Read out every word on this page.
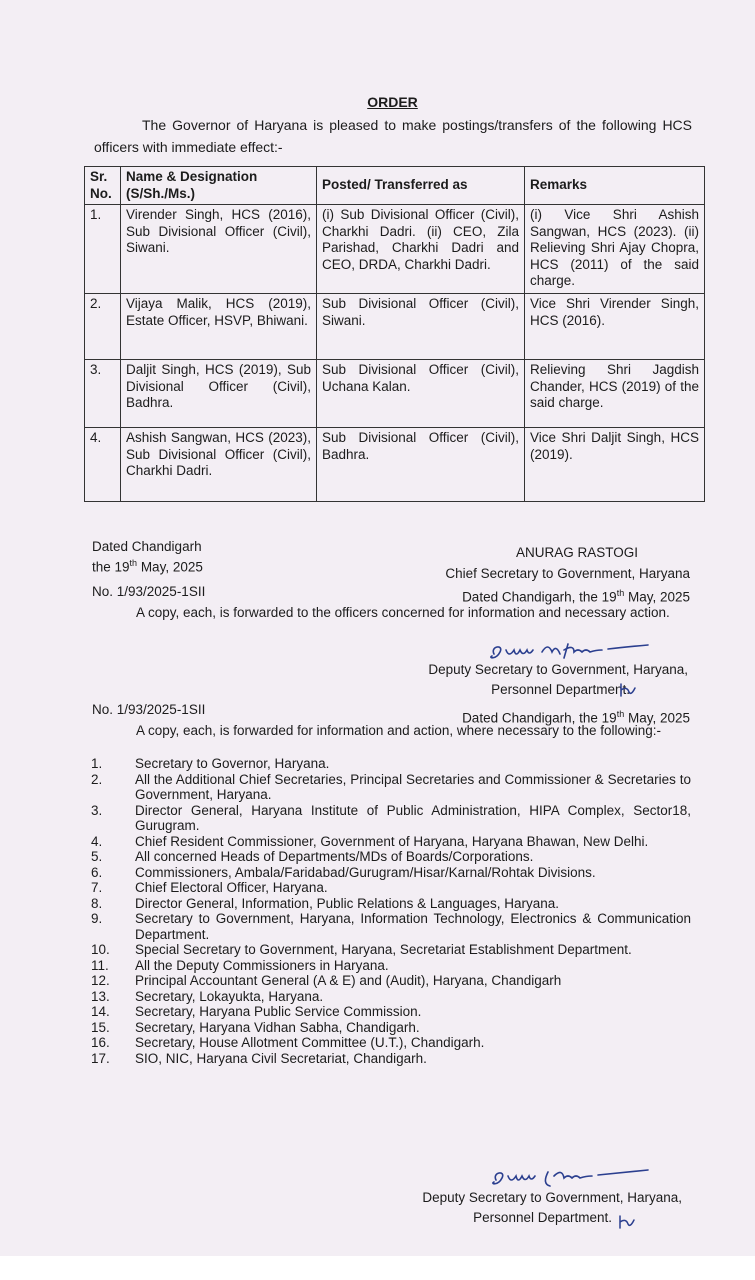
ORDER
The Governor of Haryana is pleased to make postings/transfers of the following HCS officers with immediate effect:-
Sr. No.	Name & Designation (S/Sh./Ms.)	Posted/ Transferred as	Remarks
1.	Virender Singh, HCS (2016), Sub Divisional Officer (Civil), Siwani.	(i) Sub Divisional Officer (Civil), Charkhi Dadri. (ii) CEO, Zila Parishad, Charkhi Dadri and CEO, DRDA, Charkhi Dadri.	(i) Vice Shri Ashish Sangwan, HCS (2023). (ii) Relieving Shri Ajay Chopra, HCS (2011) of the said charge.
2.	Vijaya Malik, HCS (2019), Estate Officer, HSVP, Bhiwani.	Sub Divisional Officer (Civil), Siwani.	Vice Shri Virender Singh, HCS (2016).
3.	Daljit Singh, HCS (2019), Sub Divisional Officer (Civil), Badhra.	Sub Divisional Officer (Civil), Uchana Kalan.	Relieving Shri Jagdish Chander, HCS (2019) of the said charge.
4.	Ashish Sangwan, HCS (2023), Sub Divisional Officer (Civil), Charkhi Dadri.	Sub Divisional Officer (Civil), Badhra.	Vice Shri Daljit Singh, HCS (2019).
Dated Chandigarh
the 19th May, 2025
ANURAG RASTOGI
Chief Secretary to Government, Haryana
No. 1/93/2025-1SII	Dated Chandigarh, the 19th May, 2025
A copy, each, is forwarded to the officers concerned for information and necessary action.
Deputy Secretary to Government, Haryana,
Personnel Department.
No. 1/93/2025-1SII
Dated Chandigarh, the 19th May, 2025
A copy, each, is forwarded for information and action, where necessary to the following:-
1.	Secretary to Governor, Haryana.
2.	All the Additional Chief Secretaries, Principal Secretaries and Commissioner & Secretaries to Government, Haryana.
3.	Director General, Haryana Institute of Public Administration, HIPA Complex, Sector18, Gurugram.
4.	Chief Resident Commissioner, Government of Haryana, Haryana Bhawan, New Delhi.
5.	All concerned Heads of Departments/MDs of Boards/Corporations.
6.	Commissioners, Ambala/Faridabad/Gurugram/Hisar/Karnal/Rohtak Divisions.
7.	Chief Electoral Officer, Haryana.
8.	Director General, Information, Public Relations & Languages, Haryana.
9.	Secretary to Government, Haryana, Information Technology, Electronics & Communication Department.
10.	Special Secretary to Government, Haryana, Secretariat Establishment Department.
11.	All the Deputy Commissioners in Haryana.
12.	Principal Accountant General (A & E) and (Audit), Haryana, Chandigarh
13.	Secretary, Lokayukta, Haryana.
14.	Secretary, Haryana Public Service Commission.
15.	Secretary, Haryana Vidhan Sabha, Chandigarh.
16.	Secretary, House Allotment Committee (U.T.), Chandigarh.
17.	SIO, NIC, Haryana Civil Secretariat, Chandigarh.
Deputy Secretary to Government, Haryana,
Personnel Department.
